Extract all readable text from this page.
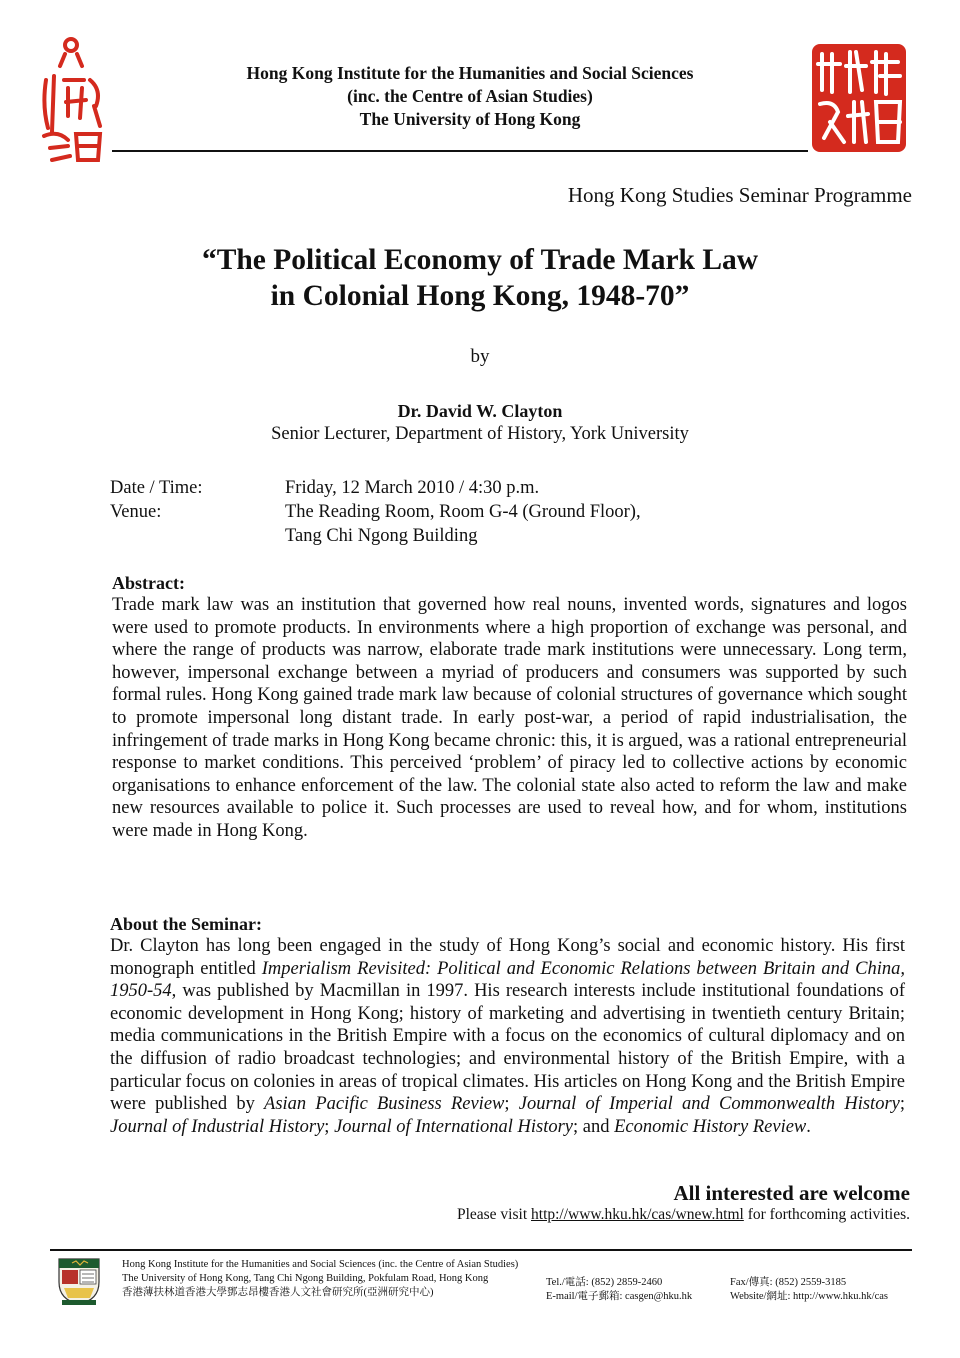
Hong Kong Institute for the Humanities and Social Sciences
(inc. the Centre of Asian Studies)
The University of Hong Kong
Hong Kong Studies Seminar Programme
“The Political Economy of Trade Mark Law
in Colonial Hong Kong, 1948-70”
by
Dr. David W. Clayton
Senior Lecturer, Department of History, York University
Date / Time:	Friday, 12 March 2010 / 4:30 p.m.
Venue:	The Reading Room, Room G-4 (Ground Floor),
Tang Chi Ngong Building
Abstract:

Trade mark law was an institution that governed how real nouns, invented words, signatures and logos were used to promote products. In environments where a high proportion of exchange was personal, and where the range of products was narrow, elaborate trade mark institutions were unnecessary. Long term, however, impersonal exchange between a myriad of producers and consumers was supported by such formal rules. Hong Kong gained trade mark law because of colonial structures of governance which sought to promote impersonal long distant trade. In early post-war, a period of rapid industrialisation, the infringement of trade marks in Hong Kong became chronic: this, it is argued, was a rational entrepreneurial response to market conditions. This perceived ‘problem’ of piracy led to collective actions by economic organisations to enhance enforcement of the law. The colonial state also acted to reform the law and make new resources available to police it. Such processes are used to reveal how, and for whom, institutions were made in Hong Kong.

About the Seminar:

Dr. Clayton has long been engaged in the study of Hong Kong’s social and economic history. His first monograph entitled Imperialism Revisited: Political and Economic Relations between Britain and China, 1950-54, was published by Macmillan in 1997. His research interests include institutional foundations of economic development in Hong Kong; history of marketing and advertising in twentieth century Britain; media communications in the British Empire with a focus on the economics of cultural diplomacy and on the diffusion of radio broadcast technologies; and environmental history of the British Empire, with a particular focus on colonies in areas of tropical climates. His articles on Hong Kong and the British Empire were published by Asian Pacific Business Review; Journal of Imperial and Commonwealth History; Journal of Industrial History; Journal of International History; and Economic History Review.

All interested are welcome
Please visit http://www.hku.hk/cas/wnew.html for forthcoming activities.
Hong Kong Institute for the Humanities and Social Sciences (inc. the Centre of Asian Studies)
The University of Hong Kong, Tang Chi Ngong Building, Pokfulam Road, Hong Kong
香港薄扶林道香港大學鄧志昂樓香港人文社會研究所(亞洲研究中心)
Tel./電話: (852) 2859-2460
E-mail/電子郵箱: casgen@hku.hk
Fax/傳真: (852) 2559-3185
Website/網址: http://www.hku.hk/cas
